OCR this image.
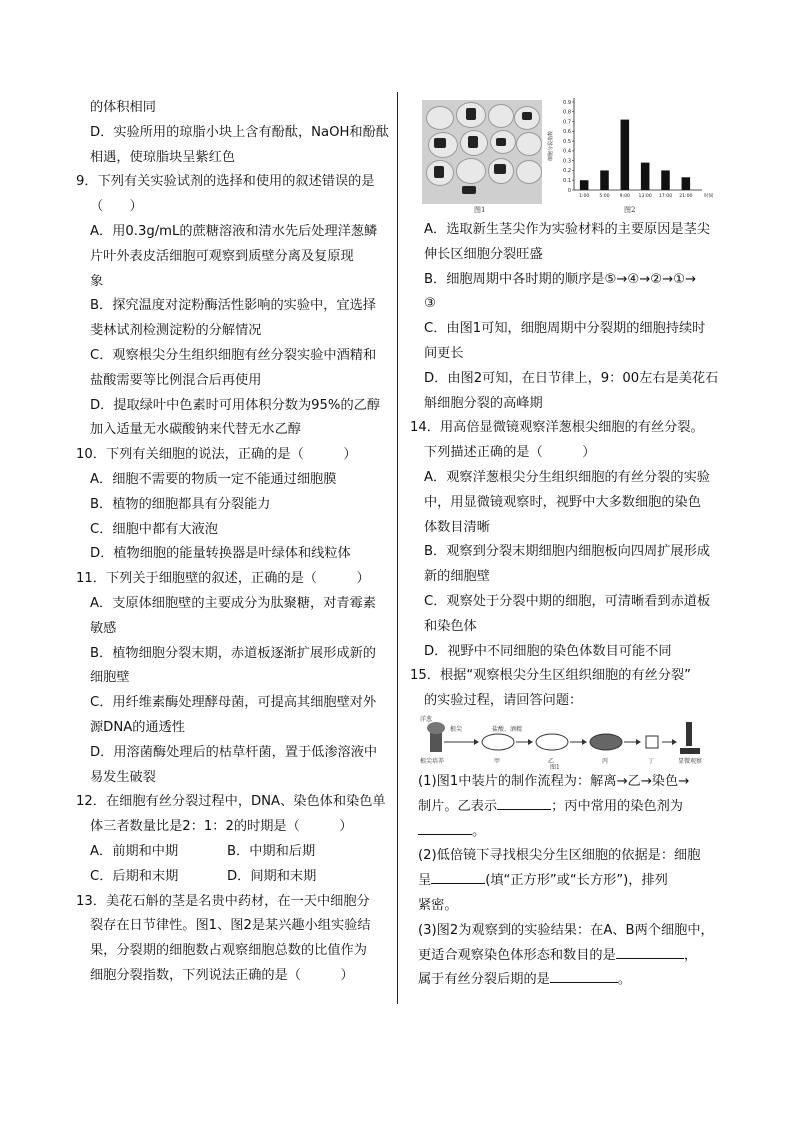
的体积相同

D．实验所用的琼脂小块上含有酚酞，NaOH和酚酞

相遇，使琼脂块呈紫红色

9．下列有关实验试剂的选择和使用的叙述错误的是

（　　）

A．用0.3g/mL的蔗糖溶液和清水先后处理洋葱鳞

片叶外表皮活细胞可观察到质壁分离及复原现

象

B．探究温度对淀粉酶活性影响的实验中，宜选择

斐林试剂检测淀粉的分解情况

C．观察根尖分生组织细胞有丝分裂实验中酒精和

盐酸需要等比例混合后再使用

D．提取绿叶中色素时可用体积分数为95%的乙醇

加入适量无水碳酸钠来代替无水乙醇

10．下列有关细胞的说法，正确的是（　　　）

A．细胞不需要的物质一定不能通过细胞膜

B．植物的细胞都具有分裂能力

C．细胞中都有大液泡

D．植物细胞的能量转换器是叶绿体和线粒体

11．下列关于细胞壁的叙述，正确的是（　　　）

A．支原体细胞壁的主要成分为肽聚糖，对青霉素

敏感

B．植物细胞分裂末期，赤道板逐渐扩展形成新的

细胞壁

C．用纤维素酶处理酵母菌，可提高其细胞壁对外

源DNA的通透性

D．用溶菌酶处理后的枯草杆菌，置于低渗溶液中

易发生破裂

12．在细胞有丝分裂过程中，DNA、染色体和染色单

体三者数量比是2：1：2的时期是（　　　）

A．前期和中期	B．中期和后期
C．后期和末期	D．间期和末期

13．美花石斛的茎是名贵中药材，在一天中细胞分

裂存在日节律性。图1、图2是某兴趣小组实验结

果，分裂期的细胞数占观察细胞总数的比值作为

细胞分裂指数，下列说法正确的是（　　　）

图1
0
0.1
0.2
0.3
0.4
0.5
0.6
0.7
0.8
0.9
细胞分裂指数
1:00 5:00 9:00 13:00 17:00 21:00	时间
图2

A．选取新生茎尖作为实验材料的主要原因是茎尖

伸长区细胞分裂旺盛

B．细胞周期中各时期的顺序是⑤→④→②→①→

③

C．由图1可知，细胞周期中分裂期的细胞持续时

间更长

D．由图2可知，在日节律上，9：00左右是美花石

斛细胞分裂的高峰期

14．用高倍显微镜观察洋葱根尖细胞的有丝分裂。

下列描述正确的是（　　　）

A．观察洋葱根尖分生组织细胞的有丝分裂的实验

中，用显微镜观察时，视野中大多数细胞的染色

体数目清晰

B．观察到分裂末期细胞内细胞板向四周扩展形成

新的细胞壁

C．观察处于分裂中期的细胞，可清晰看到赤道板

和染色体

D．视野中不同细胞的染色体数目可能不同

15．根据“观察根尖分生区组织细胞的有丝分裂”

的实验过程，请回答问题：

洋葱
根尖	盐酸、酒精
根尖培养	甲	乙	丙	丁	显微观察
图1

(1)图1中装片的制作流程为：解离→乙→染色→

制片。乙表示	；丙中常用的染色剂为

。

(2)低倍镜下寻找根尖分生区细胞的依据是：细胞

呈	(填“正方形”或“长方形”)，排列

紧密。

(3)图2为观察到的实验结果：在A、B两个细胞中，

更适合观察染色体形态和数目的是	，

属于有丝分裂后期的是	。
